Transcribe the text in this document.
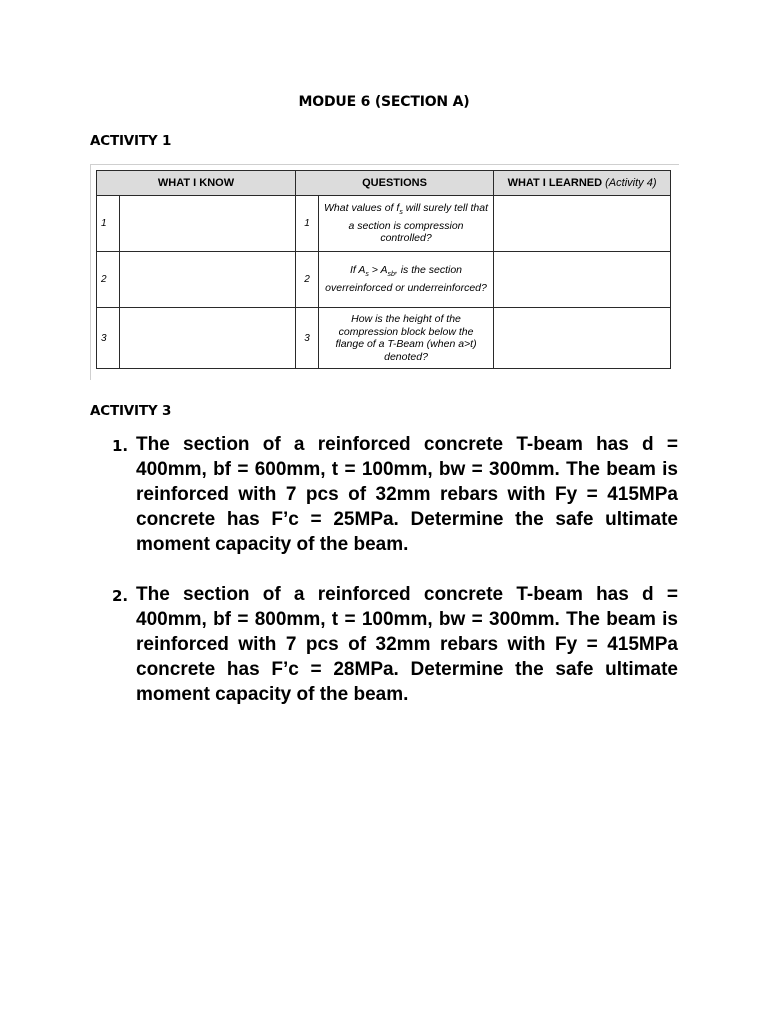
MODUE 6 (SECTION A)
ACTIVITY 1
WHAT I KNOW		QUESTIONS		WHAT I LEARNED (Activity 4)
1		1	What values of $f_s$ will surely tell that a section is compression controlled?	
2		2	If $A_s > A_{sb}$, is the section overreinforced or underreinforced?	
3		3	How is the height of the compression block below the flange of a T-Beam (when a>t) denoted?	
ACTIVITY 3
1. The section of a reinforced concrete T-beam has d = 400mm, bf = 600mm, t = 100mm, bw = 300mm. The beam is reinforced with 7 pcs of 32mm rebars with Fy = 415MPa concrete has F’c = 25MPa. Determine the safe ultimate moment capacity of the beam.
2. The section of a reinforced concrete T-beam has d = 400mm, bf = 800mm, t = 100mm, bw = 300mm. The beam is reinforced with 7 pcs of 32mm rebars with Fy = 415MPa concrete has F’c = 28MPa. Determine the safe ultimate moment capacity of the beam.
